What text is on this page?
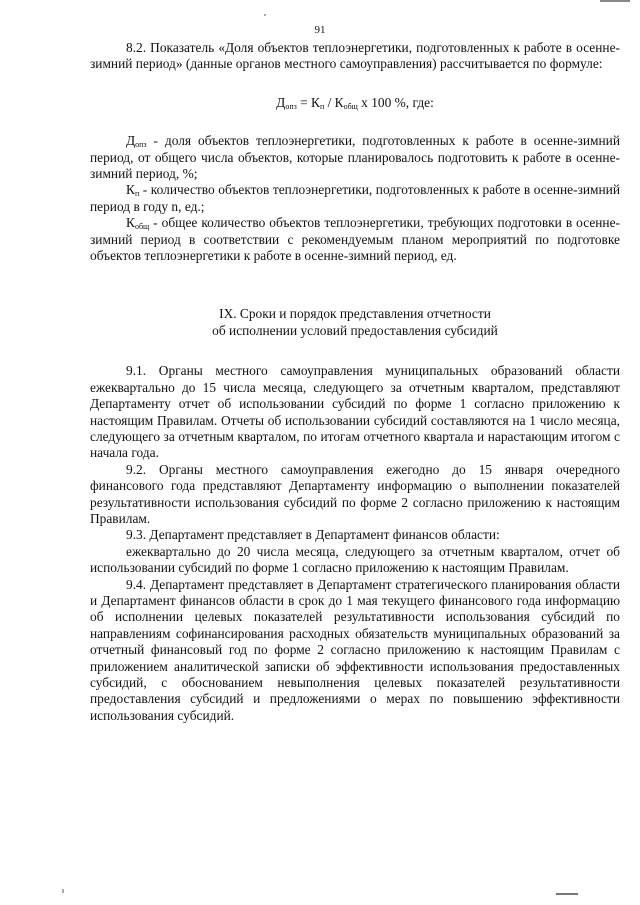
91

8.2. Показатель «Доля объектов теплоэнергетики, подготовленных к работе в осенне-зимний период» (данные органов местного самоуправления) рассчитывается по формуле:

$Д_{опз} = К_п / К_{общ}$ x 100 %, где:

$Д_{опз}$ - доля объектов теплоэнергетики, подготовленных к работе в осенне-зимний период, от общего числа объектов, которые планировалось подготовить к работе в осенне-зимний период, %;

$К_п$ - количество объектов теплоэнергетики, подготовленных к работе в осенне-зимний период в году n, ед.;

$К_{общ}$ - общее количество объектов теплоэнергетики, требующих подготовки в осенне-зимний период в соответствии с рекомендуемым планом мероприятий по подготовке объектов теплоэнергетики к работе в осенне-зимний период, ед.

IX. Сроки и порядок представления отчетности
об исполнении условий предоставления субсидий

9.1. Органы местного самоуправления муниципальных образований области ежеквартально до 15 числа месяца, следующего за отчетным кварталом, представляют Департаменту отчет об использовании субсидий по форме 1 согласно приложению к настоящим Правилам. Отчеты об использовании субсидий составляются на 1 число месяца, следующего за отчетным кварталом, по итогам отчетного квартала и нарастающим итогом с начала года.

9.2. Органы местного самоуправления ежегодно до 15 января очередного финансового года представляют Департаменту информацию о выполнении показателей результативности использования субсидий по форме 2 согласно приложению к настоящим Правилам.

9.3. Департамент представляет в Департамент финансов области:

ежеквартально до 20 числа месяца, следующего за отчетным кварталом, отчет об использовании субсидий по форме 1 согласно приложению к настоящим Правилам.

9.4. Департамент представляет в Департамент стратегического планирования области и Департамент финансов области в срок до 1 мая текущего финансового года информацию об исполнении целевых показателей результативности использования субсидий по направлениям софинансирования расходных обязательств муниципальных образований за отчетный финансовый год по форме 2 согласно приложению к настоящим Правилам с приложением аналитической записки об эффективности использования предоставленных субсидий, с обоснованием невыполнения целевых показателей результативности предоставления субсидий и предложениями о мерах по повышению эффективности использования субсидий.
